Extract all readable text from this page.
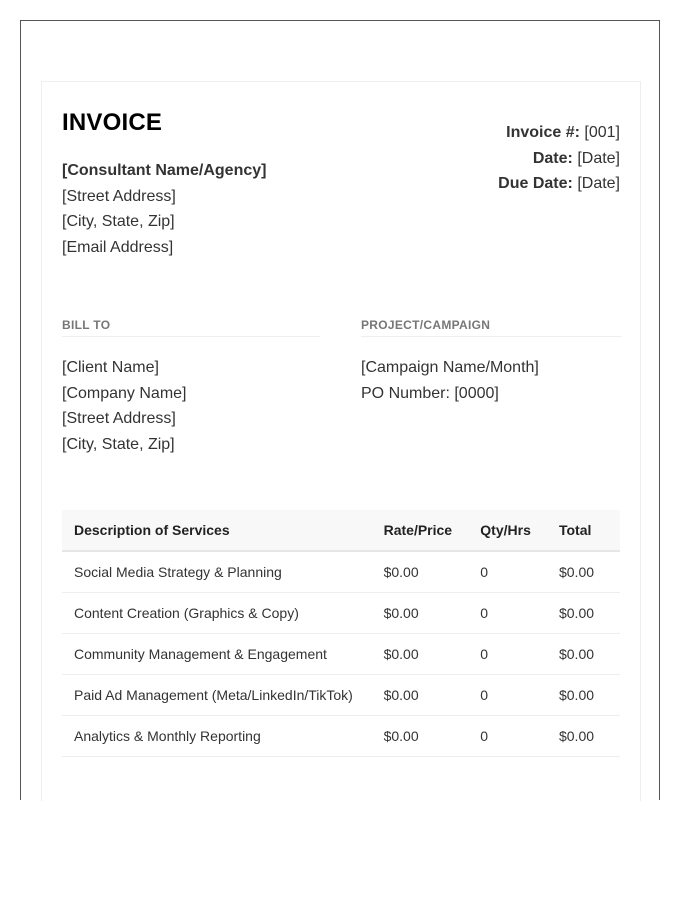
INVOICE
[Consultant Name/Agency]
[Street Address]
[City, State, Zip]
[Email Address]
Invoice #: [001]
Date: [Date]
Due Date: [Date]
BILL TO
[Client Name]
[Company Name]
[Street Address]
[City, State, Zip]
PROJECT/CAMPAIGN
[Campaign Name/Month]
PO Number: [0000]
Description of Services	Rate/Price	Qty/Hrs	Total
Social Media Strategy & Planning	$0.00	0	$0.00
Content Creation (Graphics & Copy)	$0.00	0	$0.00
Community Management & Engagement	$0.00	0	$0.00
Paid Ad Management (Meta/LinkedIn/TikTok)	$0.00	0	$0.00
Analytics & Monthly Reporting	$0.00	0	$0.00
